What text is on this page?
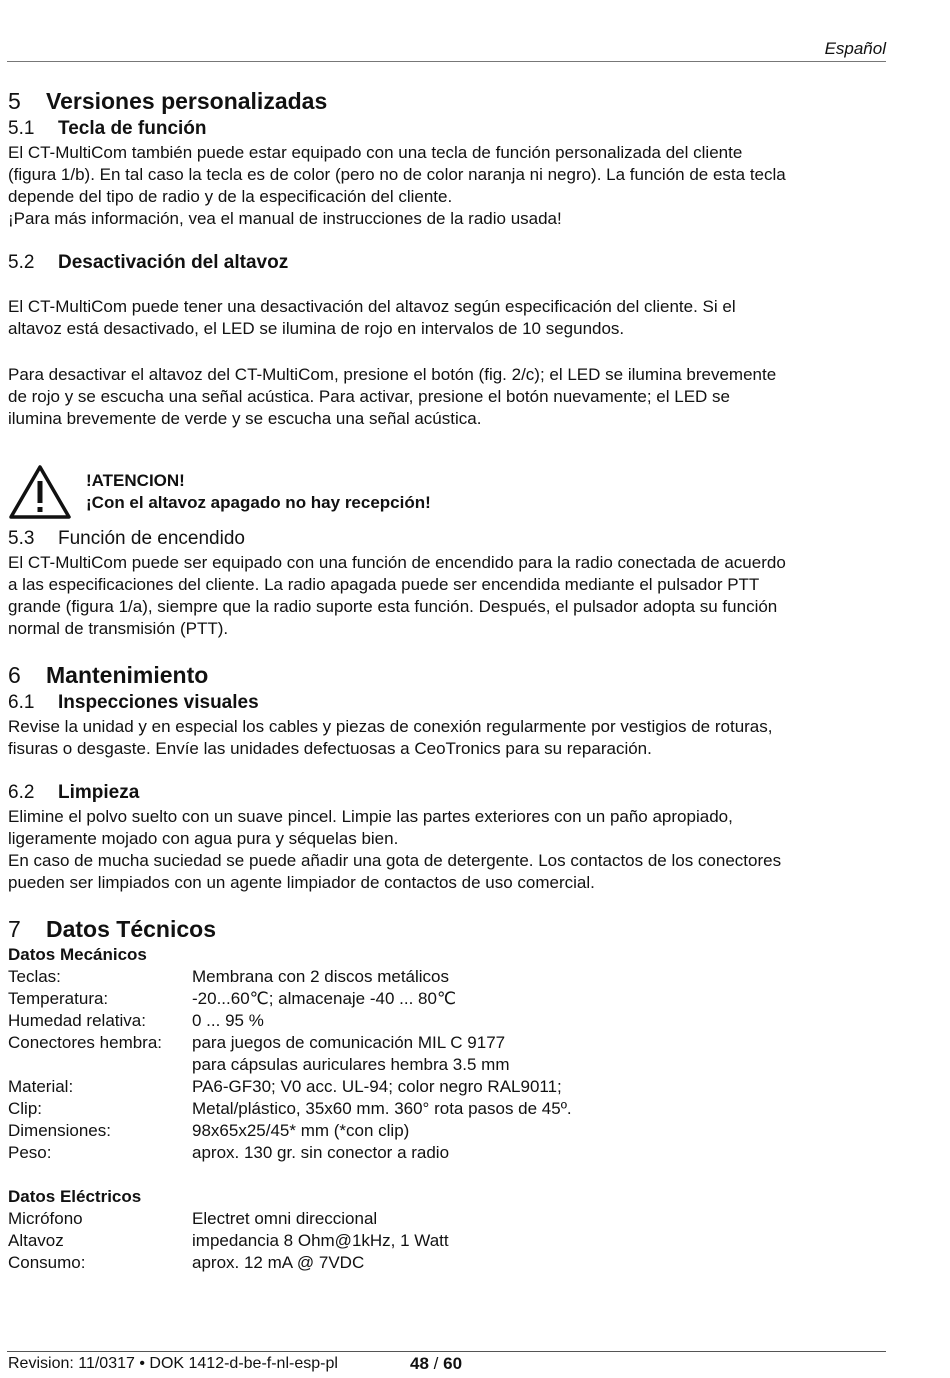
Español
5	Versiones personalizadas
5.1	Tecla de función

El CT-MultiCom también puede estar equipado con una tecla de función personalizada del cliente

(figura 1/b). En tal caso la tecla es de color (pero no de color naranja ni negro). La función de esta tecla

depende del tipo de radio y de la especificación del cliente.

¡Para más información, vea el manual de instrucciones de la radio usada!

5.2	Desactivación del altavoz

El CT-MultiCom puede tener una desactivación del altavoz según especificación del cliente. Si el

altavoz está desactivado, el LED se ilumina de rojo en intervalos de 10 segundos.

Para desactivar el altavoz del CT-MultiCom, presione el botón (fig. 2/c); el LED se ilumina brevemente

de rojo y se escucha una señal acústica. Para activar, presione el botón nuevamente; el LED se

ilumina brevemente de verde y se escucha una señal acústica.

!ATENCION!

¡Con el altavoz apagado no hay recepción!

5.3	Función de encendido

El CT-MultiCom puede ser equipado con una función de encendido para la radio conectada de acuerdo

a las especificaciones del cliente. La radio apagada puede ser encendida mediante el pulsador PTT

grande (figura 1/a), siempre que la radio suporte esta función. Después, el pulsador adopta su función

normal de transmisión (PTT).

6	Mantenimiento
6.1	Inspecciones visuales

Revise la unidad y en especial los cables y piezas de conexión regularmente por vestigios de roturas,

fisuras o desgaste. Envíe las unidades defectuosas a CeoTronics para su reparación.

6.2	Limpieza

Elimine el polvo suelto con un suave pincel. Limpie las partes exteriores con un paño apropiado,

ligeramente mojado con agua pura y séquelas bien.

En caso de mucha suciedad se puede añadir una gota de detergente. Los contactos de los conectores

pueden ser limpiados con un agente limpiador de contactos de uso comercial.

7	Datos Técnicos

Datos Mecánicos

Teclas:	Membrana con 2 discos metálicos
Temperatura:	-20...60℃; almacenaje -40 ... 80℃
Humedad relativa:	0 ... 95 %
Conectores hembra:	para juegos de comunicación MIL C 9177
para cápsulas auriculares hembra 3.5 mm
Material:	PA6-GF30; V0 acc. UL-94; color negro RAL9011;
Clip:	Metal/plástico, 35x60 mm. 360° rota pasos de 45º.
Dimensiones:	98x65x25/45* mm (*con clip)
Peso:	aprox. 130 gr. sin conector a radio

Datos Eléctricos

Micrófono	Electret omni direccional
Altavoz	impedancia 8 Ohm@1kHz, 1 Watt
Consumo:	aprox. 12 mA @ 7VDC
Revision: 11/0317 • DOK 1412-d-be-f-nl-esp-pl	48 / 60
